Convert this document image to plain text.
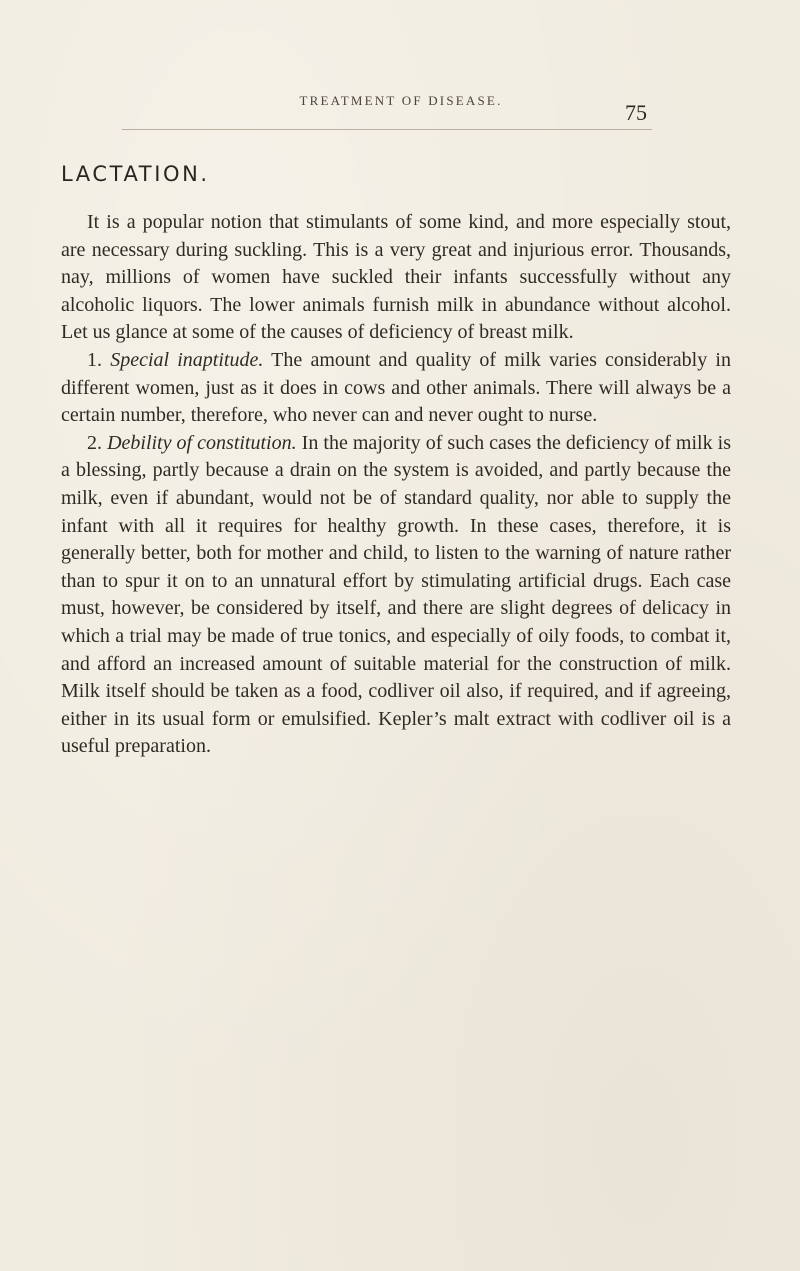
TREATMENT OF DISEASE.	75
LACTATION.

It is a popular notion that stimulants of some kind, and more especially stout, are necessary during suckling. This is a very great and injurious error. Thousands, nay, millions of women have suckled their infants successfully without any alcoholic liquors. The lower animals furnish milk in abundance without alcohol. Let us glance at some of the causes of deficiency of breast milk.

1. Special inaptitude. The amount and quality of milk varies considerably in different women, just as it does in cows and other animals. There will always be a certain number, therefore, who never can and never ought to nurse.

2. Debility of constitution. In the majority of such cases the deficiency of milk is a blessing, partly because a drain on the system is avoided, and partly because the milk, even if abundant, would not be of standard quality, nor able to supply the infant with all it requires for healthy growth. In these cases, therefore, it is generally better, both for mother and child, to listen to the warning of nature rather than to spur it on to an unnatural effort by stimulating artificial drugs. Each case must, however, be considered by itself, and there are slight degrees of delicacy in which a trial may be made of true tonics, and especially of oily foods, to combat it, and afford an increased amount of suitable material for the construction of milk. Milk itself should be taken as a food, codliver oil also, if required, and if agreeing, either in its usual form or emulsified. Kepler’s malt extract with codliver oil is a useful preparation.
